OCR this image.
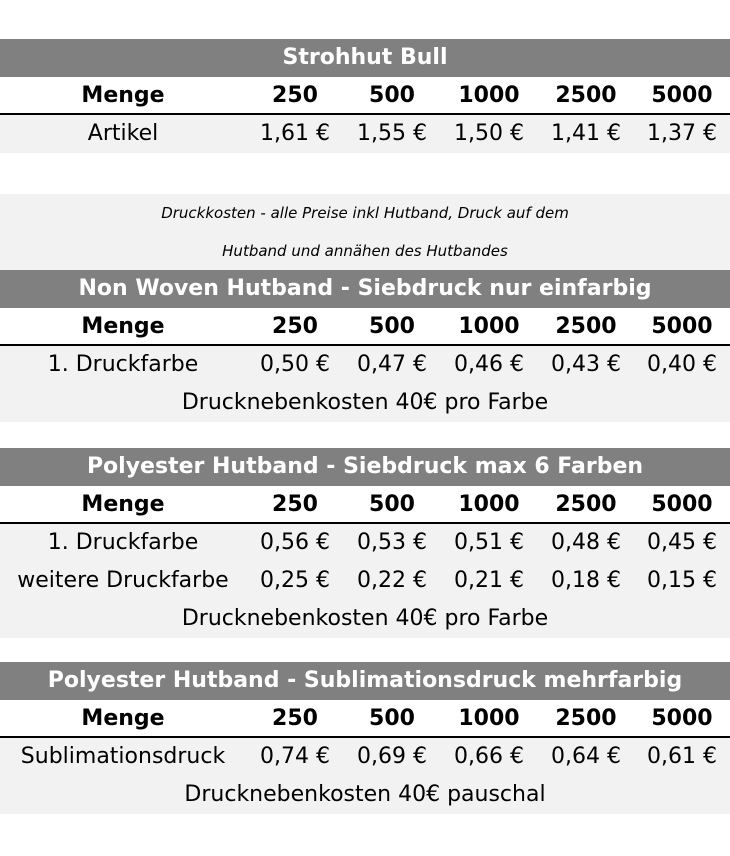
Strohhut Bull
Menge	250	500	1000	2500	5000
Artikel	1,61 €	1,55 €	1,50 €	1,41 €	1,37 €
Druckkosten - alle Preise inkl Hutband, Druck auf dem
Hutband und annähen des Hutbandes
Non Woven Hutband - Siebdruck nur einfarbig
Menge	250	500	1000	2500	5000
1. Druckfarbe	0,50 €	0,47 €	0,46 €	0,43 €	0,40 €
Drucknebenkosten 40€ pro Farbe
Polyester Hutband - Siebdruck max 6 Farben
Menge	250	500	1000	2500	5000
1. Druckfarbe	0,56 €	0,53 €	0,51 €	0,48 €	0,45 €
weitere Druckfarbe	0,25 €	0,22 €	0,21 €	0,18 €	0,15 €
Drucknebenkosten 40€ pro Farbe
Polyester Hutband - Sublimationsdruck mehrfarbig
Menge	250	500	1000	2500	5000
Sublimationsdruck	0,74 €	0,69 €	0,66 €	0,64 €	0,61 €
Drucknebenkosten 40€ pauschal
